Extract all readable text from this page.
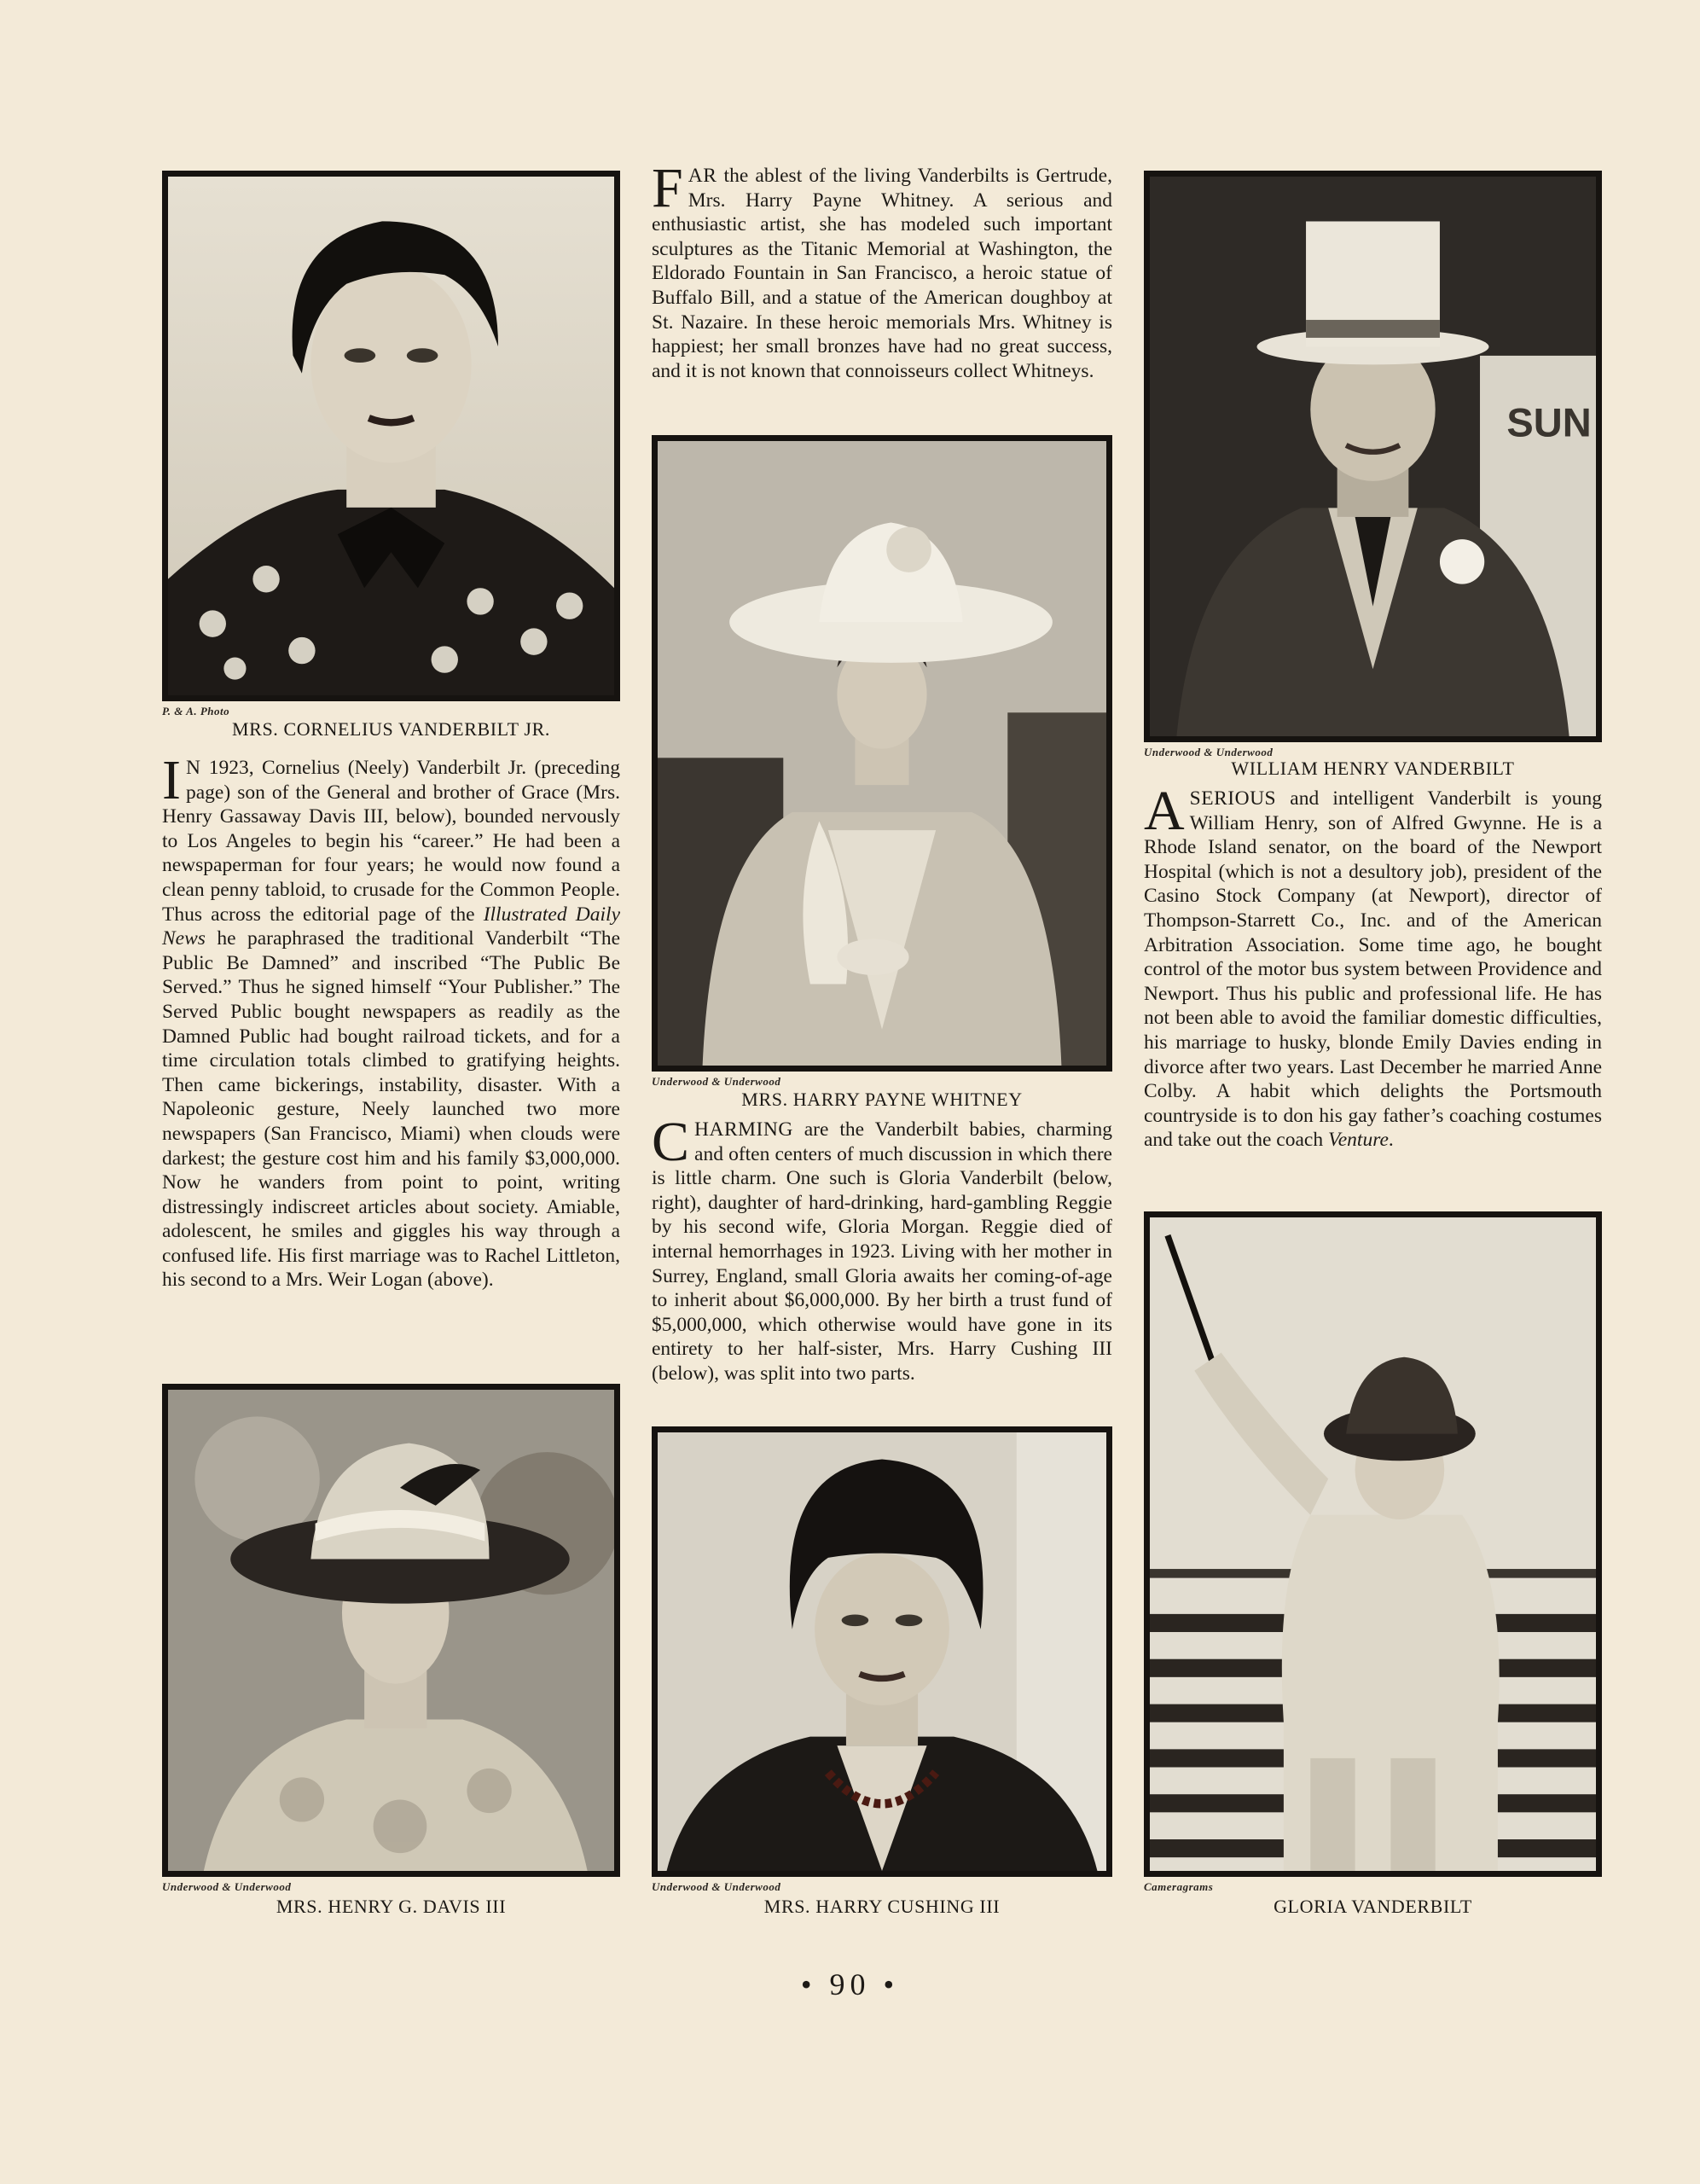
P. & A. Photo
MRS. CORNELIUS VANDERBILT JR.
I N 1923, Cornelius (Neely) Vanderbilt Jr. (preceding page) son of the General and brother of Grace (Mrs. Henry Gassaway Davis III, below), bounded nervously to Los Angeles to begin his “career.” He had been a newspaperman for four years; he would now found a clean penny tabloid, to crusade for the Common People. Thus across the editorial page of the Illustrated Daily News he paraphrased the traditional Vanderbilt “The Public Be Damned” and inscribed “The Public Be Served.” Thus he signed himself “Your Publisher.” The Served Public bought newspapers as readily as the Damned Public had bought railroad tickets, and for a time circulation totals climbed to gratifying heights. Then came bickerings, instability, disaster. With a Napoleonic gesture, Neely launched two more newspapers (San Francisco, Miami) when clouds were darkest; the gesture cost him and his family $3,000,000. Now he wanders from point to point, writing distressingly indiscreet articles about society. Amiable, adolescent, he smiles and giggles his way through a confused life. His first marriage was to Rachel Littleton, his second to a Mrs. Weir Logan (above).
Underwood & Underwood
MRS. HENRY G. DAVIS III
FAR the ablest of the living Vanderbilts is Gertrude, Mrs. Harry Payne Whitney. A serious and enthusiastic artist, she has modeled such important sculptures as the Titanic Memorial at Washington, the Eldorado Fountain in San Francisco, a heroic statue of Buffalo Bill, and a statue of the American doughboy at St. Nazaire. In these heroic memorials Mrs. Whitney is happiest; her small bronzes have had no great success, and it is not known that connoisseurs collect Whitneys.
Underwood & Underwood
MRS. HARRY PAYNE WHITNEY
CHARMING are the Vanderbilt babies, charming and often centers of much discussion in which there is little charm. One such is Gloria Vanderbilt (below, right), daughter of hard-drinking, hard-gambling Reggie by his second wife, Gloria Morgan. Reggie died of internal hemorrhages in 1923. Living with her mother in Surrey, England, small Gloria awaits her coming-of-age to inherit about $6,000,000. By her birth a trust fund of $5,000,000, which otherwise would have gone in its entirety to her half-sister, Mrs. Harry Cushing III (below), was split into two parts.
Underwood & Underwood
MRS. HARRY CUSHING III
SUN
Underwood & Underwood
WILLIAM HENRY VANDERBILT
ASERIOUS and intelligent Vanderbilt is young William Henry, son of Alfred Gwynne. He is a Rhode Island senator, on the board of the Newport Hospital (which is not a desultory job), president of the Casino Stock Company (at Newport), director of Thompson-Starrett Co., Inc. and of the American Arbitration Association. Some time ago, he bought control of the motor bus system between Providence and Newport. Thus his public and professional life. He has not been able to avoid the familiar domestic difficulties, his marriage to husky, blonde Emily Davies ending in divorce after two years. Last December he married Anne Colby. A habit which delights the Portsmouth countryside is to don his gay father’s coaching costumes and take out the coach Venture.
Cameragrams
GLORIA VANDERBILT
• 90 •
